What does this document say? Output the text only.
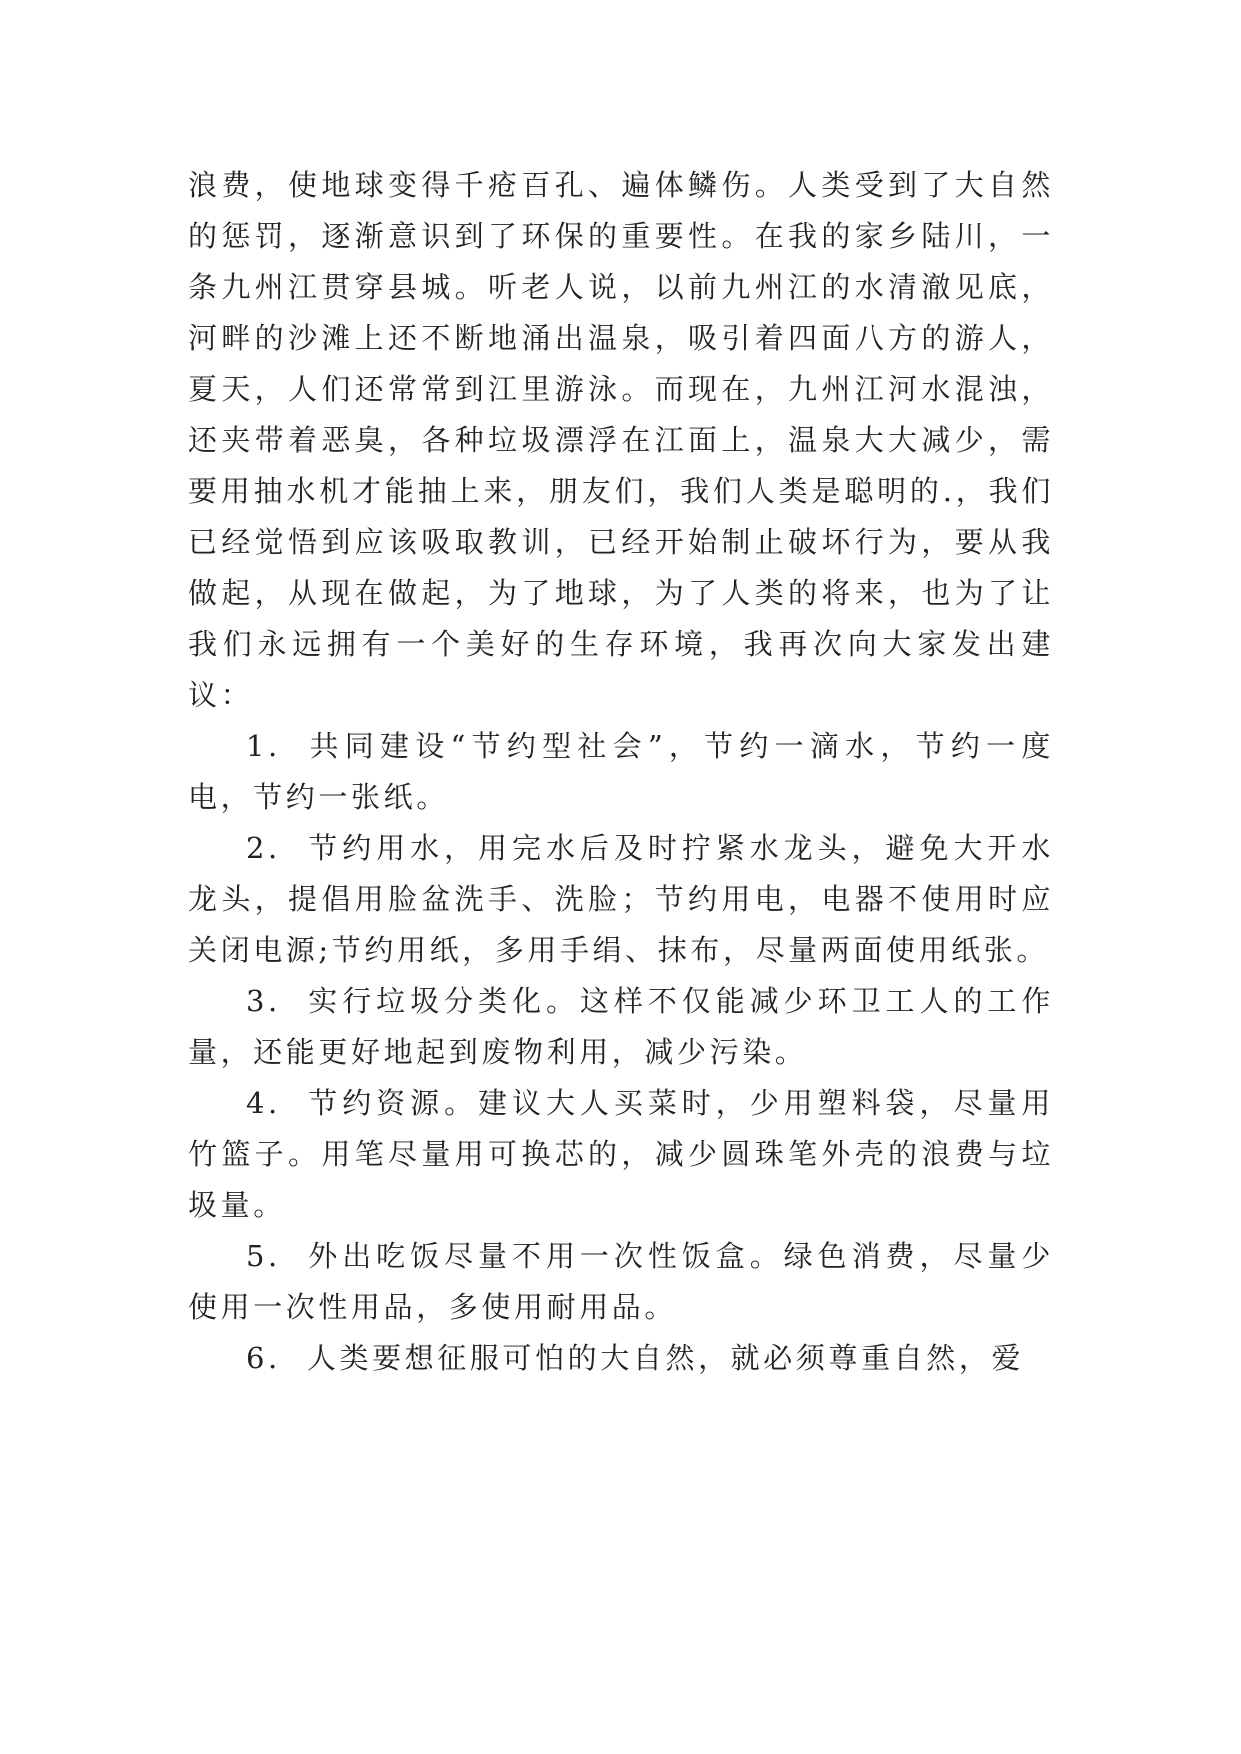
浪费，使地球变得千疮百孔、遍体鳞伤。人类受到了大自然的惩罚，逐渐意识到了环保的重要性。在我的家乡陆川，一条九州江贯穿县城。听老人说，以前九州江的水清澈见底，河畔的沙滩上还不断地涌出温泉，吸引着四面八方的游人，夏天，人们还常常到江里游泳。而现在，九州江河水混浊，还夹带着恶臭，各种垃圾漂浮在江面上，温泉大大减少，需要用抽水机才能抽上来，朋友们，我们人类是聪明的.，我们已经觉悟到应该吸取教训，已经开始制止破坏行为，要从我做起，从现在做起，为了地球，为了人类的将来，也为了让我们永远拥有一个美好的生存环境，我再次向大家发出建议：

1. 共同建设“节约型社会”，节约一滴水，节约一度电，节约一张纸。

2. 节约用水，用完水后及时拧紧水龙头，避免大开水龙头，提倡用脸盆洗手、洗脸；节约用电，电器不使用时应关闭电源;节约用纸，多用手绢、抹布，尽量两面使用纸张。

3. 实行垃圾分类化。这样不仅能减少环卫工人的工作量，还能更好地起到废物利用，减少污染。

4. 节约资源。建议大人买菜时，少用塑料袋，尽量用竹篮子。用笔尽量用可换芯的，减少圆珠笔外壳的浪费与垃圾量。

5. 外出吃饭尽量不用一次性饭盒。绿色消费，尽量少使用一次性用品，多使用耐用品。

6. 人类要想征服可怕的大自然，就必须尊重自然，爱
